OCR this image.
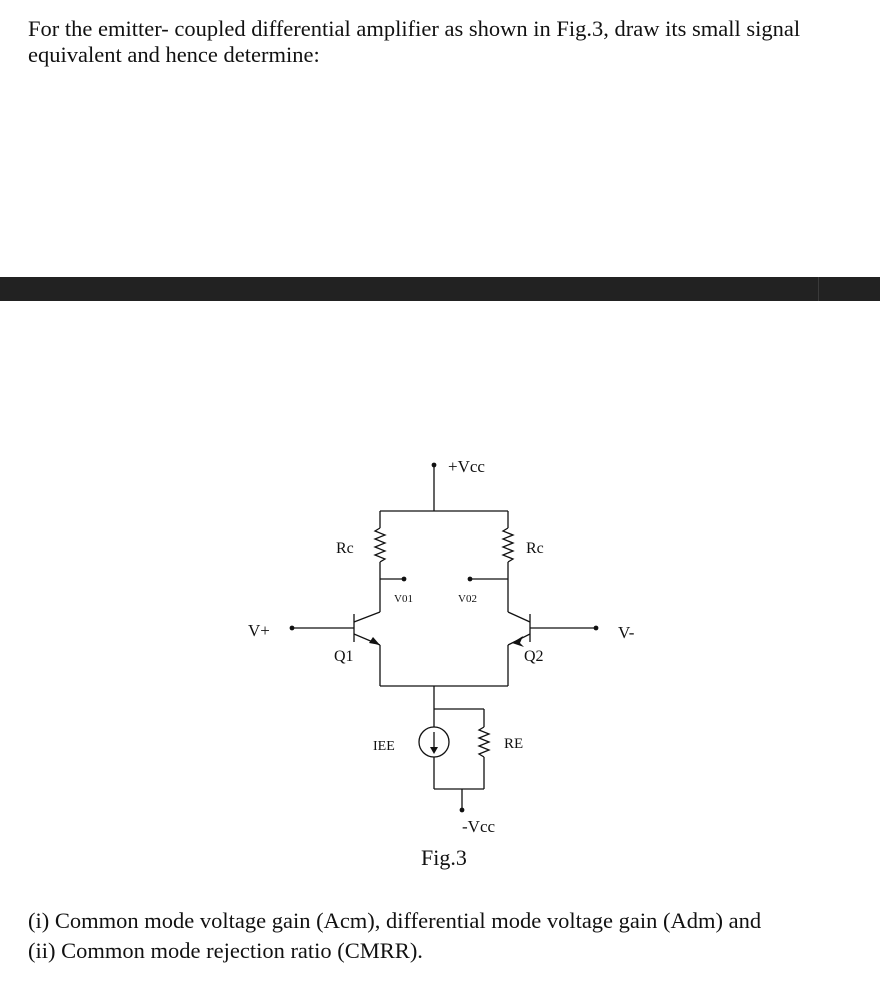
For the emitter- coupled differential amplifier as shown in Fig.3, draw its small signal equivalent and hence determine:

+Vcc
Rc	Rc
V01	V02
V+	V-
Q1	Q2
IEE	RE
-Vcc
Fig.3
(i) Common mode voltage gain (Acm), differential mode voltage gain (Adm) and
(ii) Common mode rejection ratio (CMRR).
